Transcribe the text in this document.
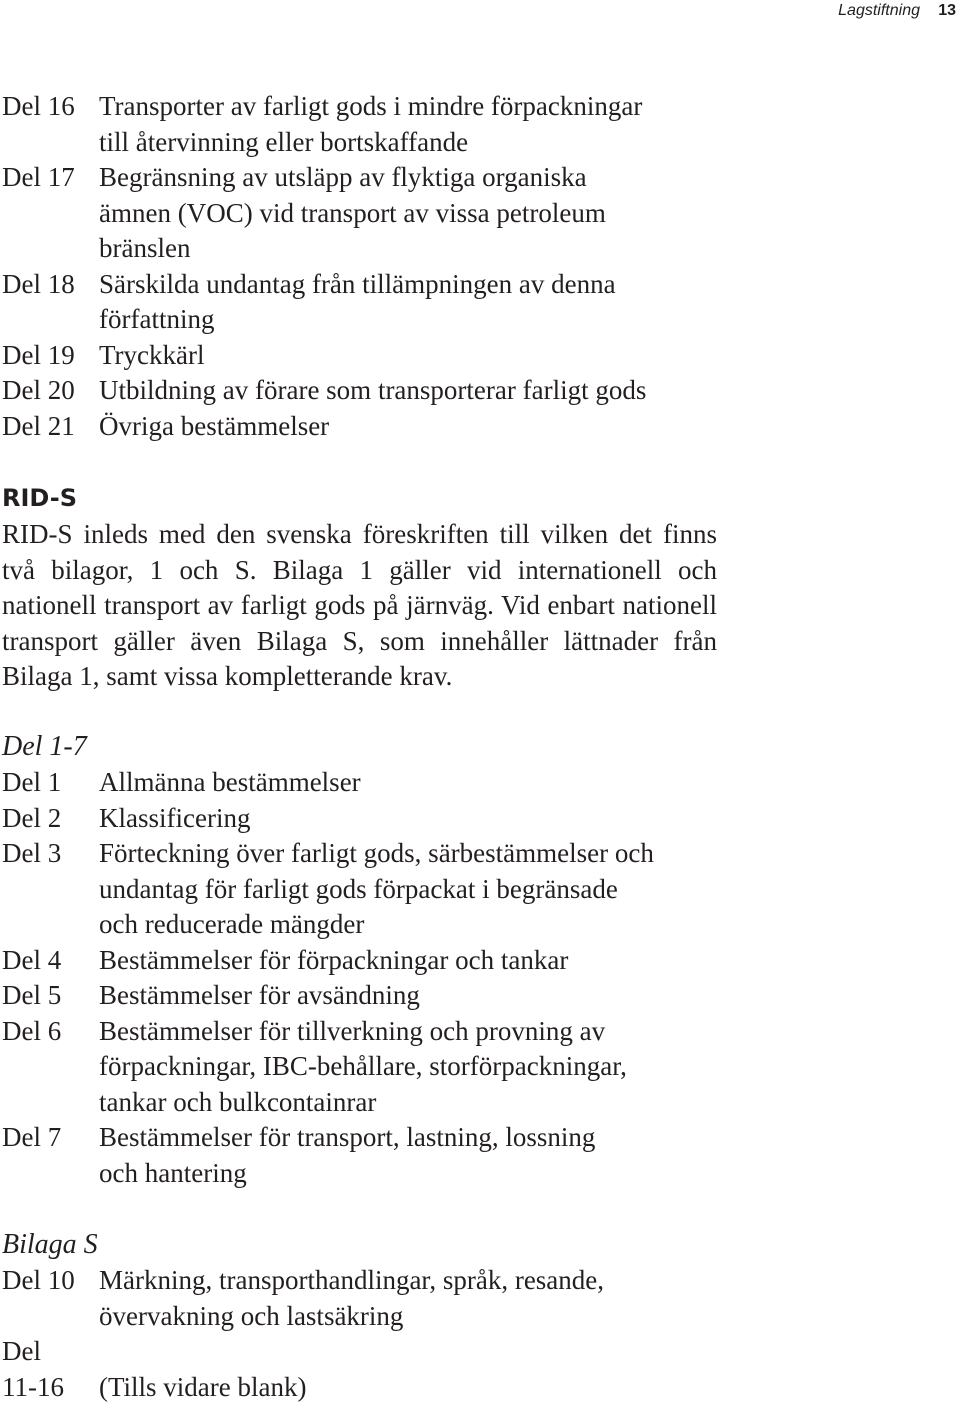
Lagstiftning 13
Del 16 Transporter av farligt gods i mindre förpackningar
till återvinning eller bortskaffande
Del 17 Begränsning av utsläpp av flyktiga organiska
ämnen (VOC) vid transport av vissa petroleum
bränslen
Del 18 Särskilda undantag från tillämpningen av denna
författning
Del 19 Tryckkärl
Del 20 Utbildning av förare som transporterar farligt gods
Del 21 Övriga bestämmelser
RID-S
RID-S inleds med den svenska föreskriften till vilken det finns två bilagor, 1 och S. Bilaga 1 gäller vid internationell och nationell transport av farligt gods på järnväg. Vid enbart nationell transport gäller även Bilaga S, som innehåller lättnader från Bilaga 1, samt vissa kompletterande krav.
Del 1-7
Del 1 Allmänna bestämmelser
Del 2 Klassificering
Del 3 Förteckning över farligt gods, särbestämmelser och
undantag för farligt gods förpackat i begränsade
och reducerade mängder
Del 4 Bestämmelser för förpackningar och tankar
Del 5 Bestämmelser för avsändning
Del 6 Bestämmelser för tillverkning och provning av
förpackningar, IBC-behållare, storförpackningar,
tankar och bulkcontainrar
Del 7 Bestämmelser för transport, lastning, lossning
och hantering
Bilaga S
Del 10 Märkning, transporthandlingar, språk, resande,
övervakning och lastsäkring
Del
11-16
(Tills vidare blank)
